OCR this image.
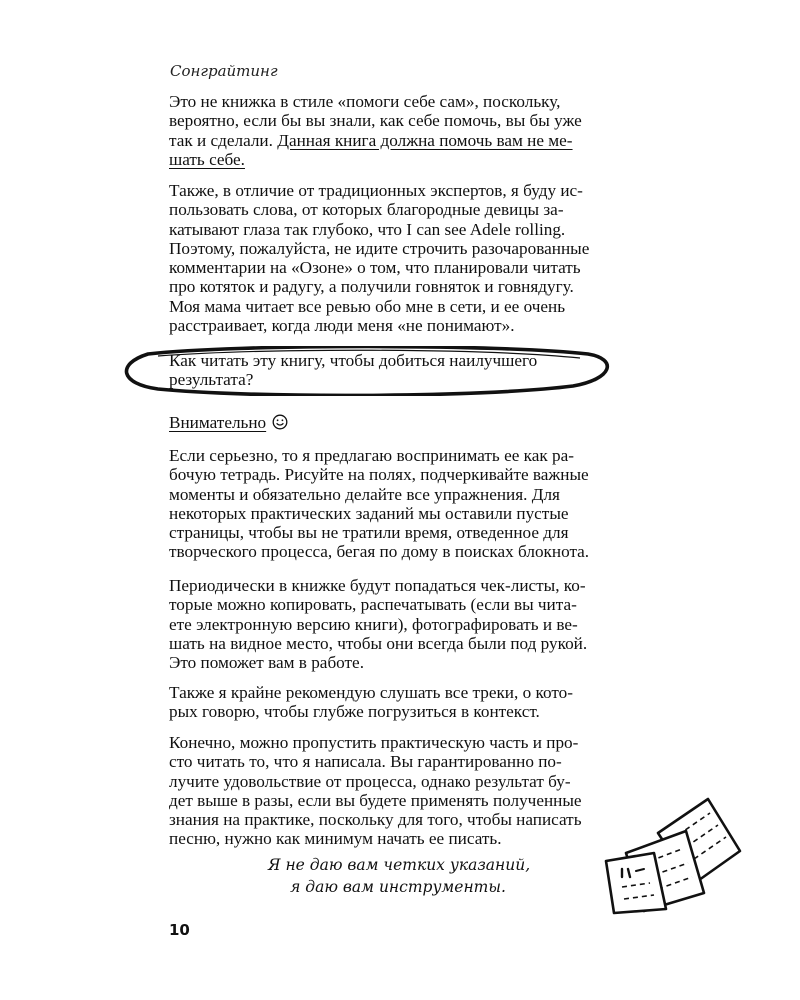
Сонграйтинг

Это не книжка в стиле «помоги себе сам», поскольку,
вероятно, если бы вы знали, как себе помочь, вы бы уже
так и сделали. Данная книга должна помочь вам не ме-
шать себе.

Также, в отличие от традиционных экспертов, я буду ис-
пользовать слова, от которых благородные девицы за-
катывают глаза так глубоко, что I can see Adele rolling.
Поэтому, пожалуйста, не идите строчить разочарованные
комментарии на «Озоне» о том, что планировали читать
про котяток и радугу, а получили говняток и говнядугу.
Моя мама читает все ревью обо мне в сети, и ее очень
расстраивает, когда люди меня «не понимают».

Как читать эту книгу, чтобы добиться наилучшего
результата?
Внимательно

Если серьезно, то я предлагаю воспринимать ее как ра-
бочую тетрадь. Рисуйте на полях, подчеркивайте важные
моменты и обязательно делайте все упражнения. Для
некоторых практических заданий мы оставили пустые
страницы, чтобы вы не тратили время, отведенное для
творческого процесса, бегая по дому в поисках блокнота.

Периодически в книжке будут попадаться чек-листы, ко-
торые можно копировать, распечатывать (если вы чита-
ете электронную версию книги), фотографировать и ве-
шать на видное место, чтобы они всегда были под рукой.
Это поможет вам в работе.

Также я крайне рекомендую слушать все треки, о кото-
рых говорю, чтобы глубже погрузиться в контекст.

Конечно, можно пропустить практическую часть и про-
сто читать то, что я написала. Вы гарантированно по-
лучите удовольствие от процесса, однако результат бу-
дет выше в разы, если вы будете применять полученные
знания на практике, поскольку для того, чтобы написать
песню, нужно как минимум начать ее писать.

Я не даю вам четких указаний,
я даю вам инструменты.
10
